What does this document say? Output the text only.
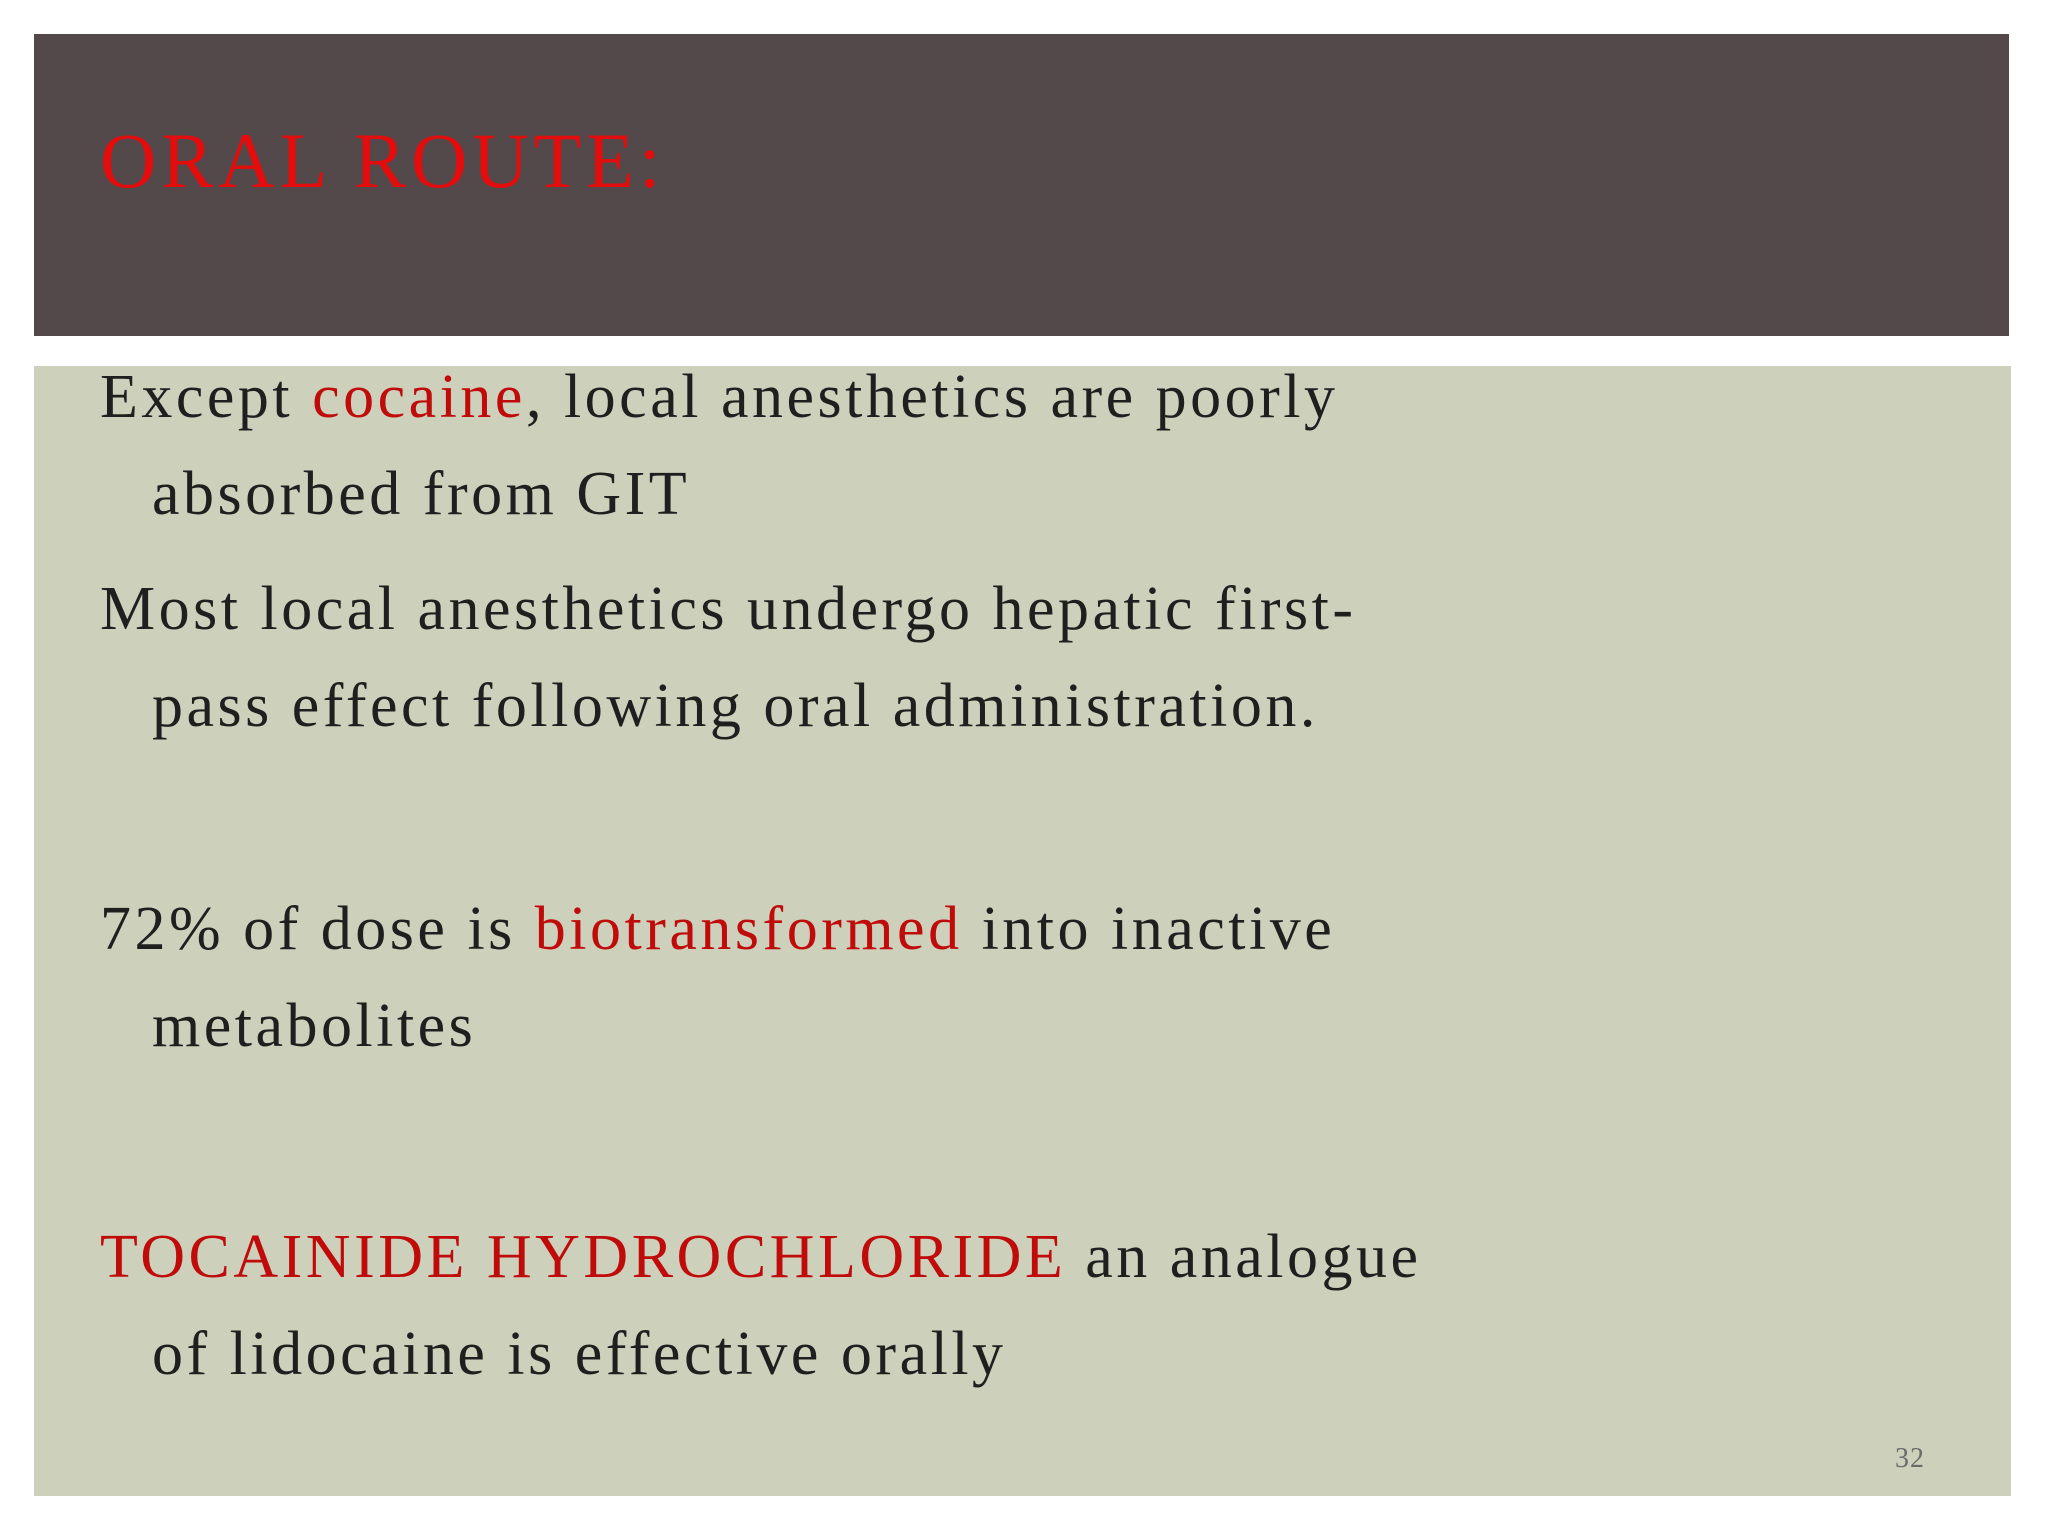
ORAL ROUTE:

Except cocaine, local anesthetics are poorly
absorbed from GIT

Most local anesthetics undergo hepatic first-
pass effect following oral administration.

72% of dose is biotransformed into inactive
metabolites

TOCAINIDE HYDROCHLORIDE an analogue
of lidocaine is effective orally

32
